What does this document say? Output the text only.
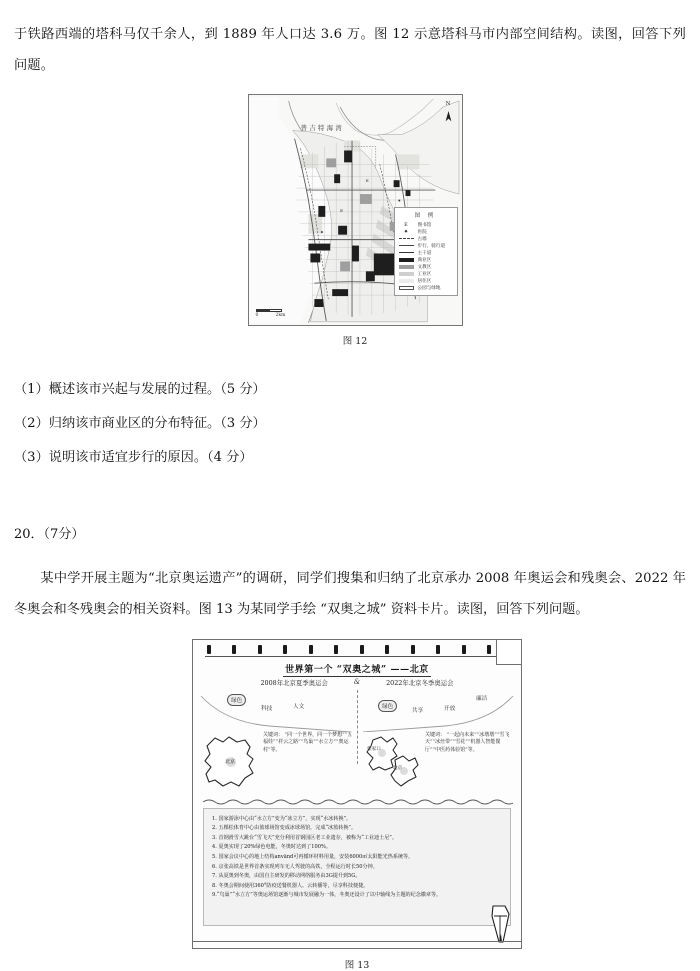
于铁路西端的塔科马仅千余人，到 1889 年人口达 3.6 万。图 12 示意塔科马市内部空间结构。读图，回答下列问题。

E
E
✷
✷
普吉特海湾
N
0	2km
图 例
E	图书馆
✷	医院
古墙
步行、骑行道
主干道
商业区
文教区
工业区
居住区
公园与绿地
图 12
（1）概述该市兴起与发展的过程。（5 分）
（2）归纳该市商业区的分布特征。（3 分）
（3）说明该市适宜步行的原因。（4 分）
20．（7分）

某中学开展主题为“北京奥运遗产”的调研，同学们搜集和归纳了北京承办 2008 年奥运会和残奥会、2022 年冬奥会和冬残奥会的相关资料。图 13 为某同学手绘 “双奥之城” 资料卡片。读图，回答下列问题。

世界第一个 “双奥之城” ——北京
2008年北京夏季奥运会	&	2022年北京冬季奥运会
绿色
科技	人文	绿色
共享	开放
廉洁
北京
关键词： “同一个世界，同一个梦想”“五福娃”“祥云之路”“鸟巢”“水立方”“奥运村”等。	张家口
北京
关键词： “一起向未来”“冰墩墩”“雪飞天”“冰丝带”“雪花”“机器人智能餐厅”“中医药体验馆”等。
1. 国家游泳中心由“水立方”变为“冰立方”，实现“水冰转换”。
2. 五棵松体育中心由篮球场馆变成冰球场馆，完成“冰篮转换”。
3. 首钢滑雪大跳台“雪飞天”充分利用首钢园区老工业遗存，被称为“工业迪士尼”。
4. 夏奥实现了20%绿色电能，冬奥时达到了100%。
5. 国家会议中心的地上结构använd可再循环材料用量，安装6000㎡太阳能光热系统等。
6. 京张高铁是世界首条实现列车无人驾驶的高铁，全程运行时长50分钟。
7. 从夏奥到冬奥，由国自主研发的移动网络服务由3G提升到5G。
8. 冬奥会期间使用360°防疫送餐机器人、云转播等，尽享科技便捷。
9.“鸟巢”“水立方”等奥运场馆逐渐与城市发展融为一体，冬奥还设计了以中轴线为主题的纪念徽章等。
图 13
